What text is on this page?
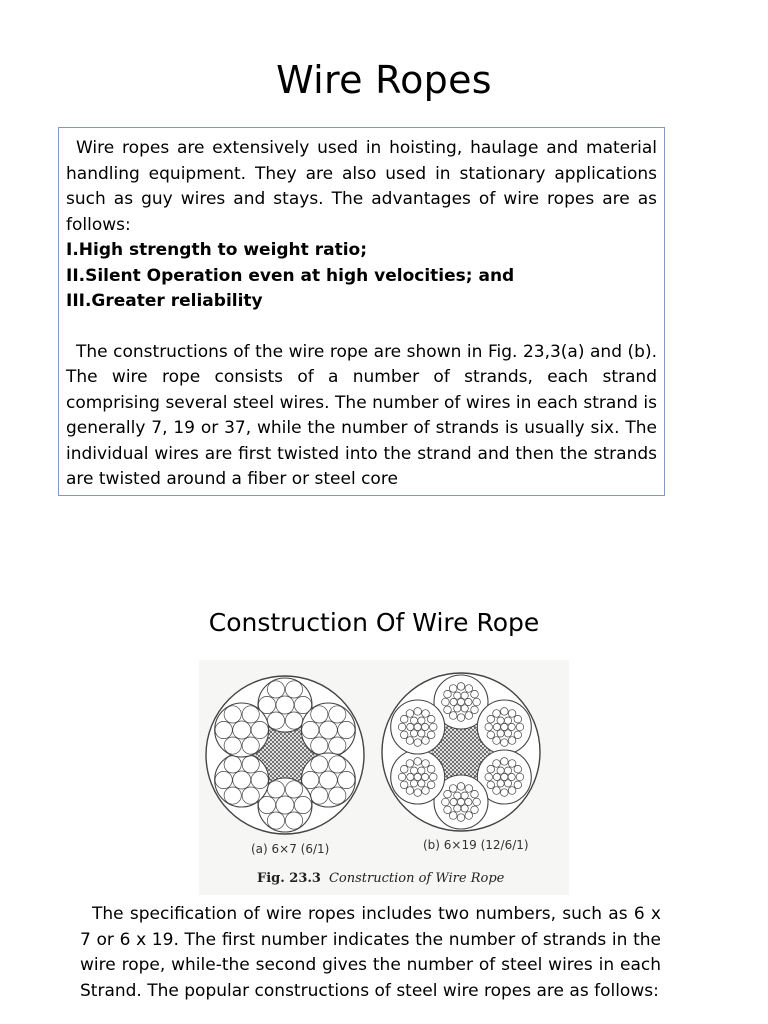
Wire Ropes

Wire ropes are extensively used in hoisting, haulage and material handling equipment. They are also used in stationary applications such as guy wires and stays. The advantages of wire ropes are as follows:

I.High strength to weight ratio;

II.Silent Operation even at high velocities; and

III.Greater reliability

The constructions of the wire rope are shown in Fig. 23,3(a) and (b). The wire rope consists of a number of strands, each strand comprising several steel wires. The number of wires in each strand is generally 7, 19 or 37, while the number of strands is usually six. The individual wires are first twisted into the strand and then the strands are twisted around a fiber or steel core

Construction Of Wire Rope
(a) 6×7 (6/1)	(b) 6×19 (12/6/1)
Fig. 23.3 Construction of Wire Rope

The specification of wire ropes includes two numbers, such as 6 x 7 or 6 x 19. The first number indicates the number of strands in the wire rope, while-the second gives the number of steel wires in each Strand. The popular constructions of steel wire ropes are as follows:
